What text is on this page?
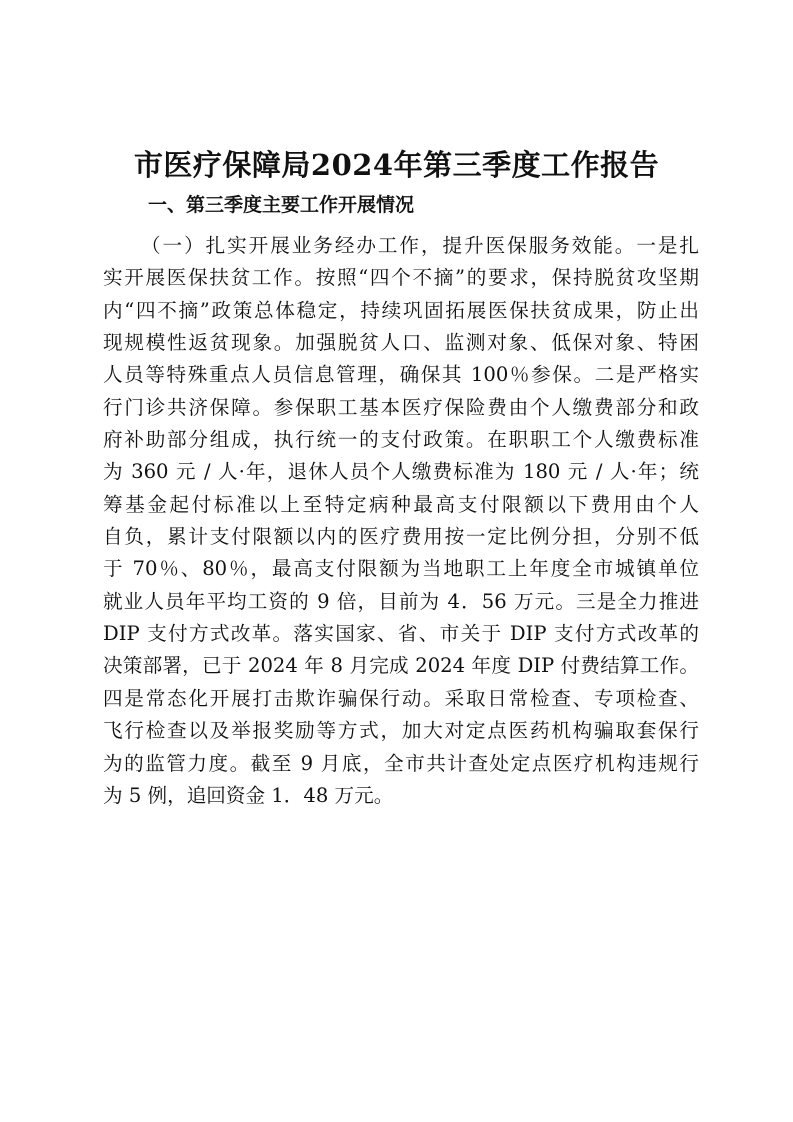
市医疗保障局2024年第三季度工作报告
一、第三季度主要工作开展情况
（一）扎实开展业务经办工作，提升医保服务效能。一是扎
实开展医保扶贫工作。按照“四个不摘”的要求，保持脱贫攻坚期
内“四不摘”政策总体稳定，持续巩固拓展医保扶贫成果，防止出
现规模性返贫现象。加强脱贫人口、监测对象、低保对象、特困
人员等特殊重点人员信息管理，确保其 100％参保。二是严格实
行门诊共济保障。参保职工基本医疗保险费由个人缴费部分和政
府补助部分组成，执行统一的支付政策。在职职工个人缴费标准
为 360 元 / 人·年，退休人员个人缴费标准为 180 元 / 人·年；统
筹基金起付标准以上至特定病种最高支付限额以下费用由个人
自负，累计支付限额以内的医疗费用按一定比例分担，分别不低
于 70％、80％，最高支付限额为当地职工上年度全市城镇单位
就业人员年平均工资的 9 倍，目前为 4．56 万元。三是全力推进
DIP 支付方式改革。落实国家、省、市关于 DIP 支付方式改革的
决策部署，已于 2024 年 8 月完成 2024 年度 DIP 付费结算工作。
四是常态化开展打击欺诈骗保行动。采取日常检查、专项检查、
飞行检查以及举报奖励等方式，加大对定点医药机构骗取套保行
为的监管力度。截至 9 月底，全市共计查处定点医疗机构违规行
为 5 例，追回资金 1．48 万元。
